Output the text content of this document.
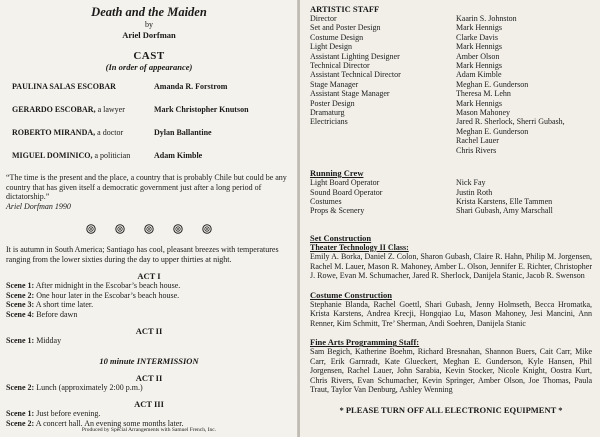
Death and the Maiden
by
Ariel Dorfman
CAST
(In order of appearance)
PAULINA SALAS ESCOBAR	Amanda R. Forstrom
GERARDO ESCOBAR, a lawyer	Mark Christopher Knutson
ROBERTO MIRANDA, a doctor	Dylan Ballantine
MIGUEL DOMINICO, a politician	Adam Kimble
“The time is the present and the place, a country that is probably Chile but could be any country that has given itself a democratic government just after a long period of dictatorship.”
Ariel Dorfman 1990
It is autumn in South America; Santiago has cool, pleasant breezes with temperatures ranging from the lower sixties during the day to upper thirties at night.
ACT I
Scene 1: After midnight in the Escobar’s beach house.
Scene 2: One hour later in the Escobar’s beach house.
Scene 3: A short time later.
Scene 4: Before dawn
ACT II
Scene 1: Midday
10 minute INTERMISSION
ACT II
Scene 2: Lunch (approximately 2:00 p.m.)
ACT III
Scene 1: Just before evening.
Scene 2: A concert hall. An evening some months later.
Produced by Special Arrangements with Samuel French, Inc.
ARTISTIC STAFF
Director	Kaarin S. Johnston
Set and Poster Design	Mark Hennigs
Costume Design	Clarke Davis
Light Design	Mark Hennigs
Assistant Lighting Designer	Amber Olson
Technical Director	Mark Hennigs
Assistant Technical Director	Adam Kimble
Stage Manager	Meghan E. Gunderson
Assistant Stage Manager	Theresa M. Lehn
Poster Design	Mark Hennigs
Dramaturg	Mason Mahoney
Electricians	Jared R. Sherlock, Sherri Gubash,
Meghan E. Gunderson
Rachel Lauer
Chris Rivers
Running Crew
Light Board Operator	Nick Fay
Sound Board Operator	Justin Roth
Costumes	Krista Karstens, Elle Tammen
Props & Scenery	Shari Gubash, Amy Marschall
Set Construction
Theater Technology II Class:
Emily A. Borka, Daniel Z. Colon, Sharon Gubash, Claire R. Hahn, Philip M. Jorgensen, Rachel M. Lauer, Mason R. Mahoney, Amber L. Olson, Jennifer E. Richter, Christopher J. Rowe, Evan M. Schumacher, Jared R. Sherlock, Danijela Stanic, Jacob R. Swenson
Costume Construction
Stephanie Blanda, Rachel Goettl, Shari Gubash, Jenny Holmseth, Becca Hromatka, Krista Karstens, Andrea Krecji, Hongqiao Lu, Mason Mahoney, Jesi Mancini, Ann Renner, Kim Schmitt, Tre’ Sherman, Andi Soehren, Danijela Stanic
Fine Arts Programming Staff:
Sam Begich, Katherine Boehm, Richard Bresnahan, Shannon Buers, Cait Carr, Mike Carr, Erik Garnradt, Kate Glueckert, Meghan E. Gunderson, Kyle Hansen, Phil Jorgensen, Rachel Lauer, John Sarabia, Kevin Stocker, Nicole Knight, Oostra Kurt, Chris Rivers, Evan Schumacher, Kevin Springer, Amber Olson, Joe Thomas, Paula Traut, Taylor Van Denburg, Ashley Wenning
* PLEASE TURN OFF ALL ELECTRONIC EQUIPMENT *
